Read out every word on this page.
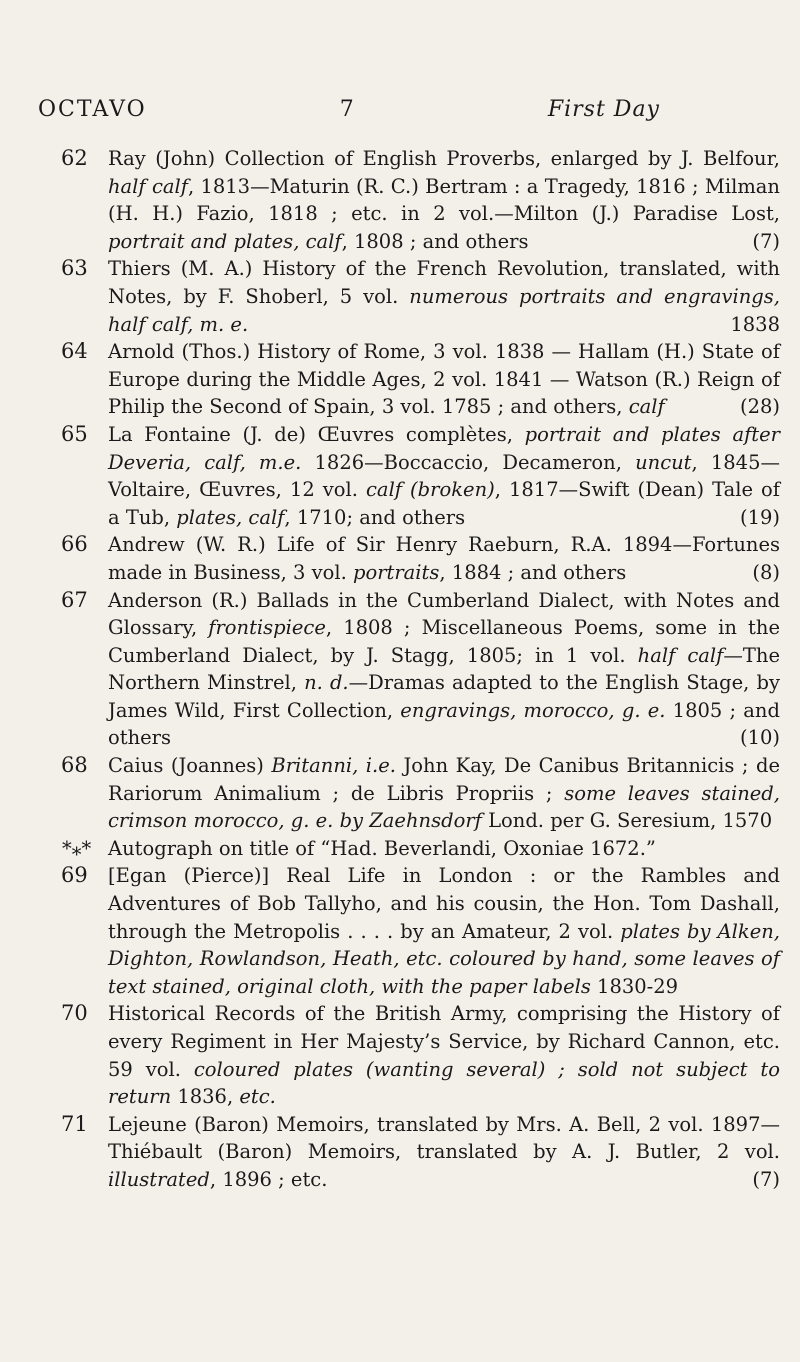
OCTAVO	7	First Day
62	Ray (John) Collection of English Proverbs, enlarged by J. Belfour, half calf, 1813—Maturin (R. C.) Bertram : a Tragedy, 1816 ; Milman (H. H.) Fazio, 1818 ; etc. in 2 vol.—Milton (J.) Paradise Lost, portrait and plates, calf, 1808 ; and others	(7)
63	Thiers (M. A.) History of the French Revolution, translated, with Notes, by F. Shoberl, 5 vol. numerous portraits and engravings, half calf, m. e.	1838
64	Arnold (Thos.) History of Rome, 3 vol. 1838 — Hallam (H.) State of Europe during the Middle Ages, 2 vol. 1841 — Watson (R.) Reign of Philip the Second of Spain, 3 vol. 1785 ; and others, calf	(28)
65	La Fontaine (J. de) Œuvres complètes, portrait and plates after Deveria, calf, m.e. 1826—Boccaccio, Decameron, uncut, 1845—Voltaire, Œuvres, 12 vol. calf (broken), 1817—Swift (Dean) Tale of a Tub, plates, calf, 1710; and others	(19)
66	Andrew (W. R.) Life of Sir Henry Raeburn, R.A. 1894—Fortunes made in Business, 3 vol. portraits, 1884 ; and others	(8)
67	Anderson (R.) Ballads in the Cumberland Dialect, with Notes and Glossary, frontispiece, 1808 ; Miscellaneous Poems, some in the Cumberland Dialect, by J. Stagg, 1805; in 1 vol. half calf—The Northern Minstrel, n. d.—Dramas adapted to the English Stage, by James Wild, First Collection, engravings, morocco, g. e. 1805 ; and others	(10)
68	Caius (Joannes) Britanni, i.e. John Kay, De Canibus Britannicis ; de Rariorum Animalium ; de Libris Propriis ; some leaves stained, crimson morocco, g. e. by Zaehnsdorf Lond. per G. Seresium, 1570
*⁎* Autograph on title of “Had. Beverlandi, Oxoniae 1672.”
69	[Egan (Pierce)] Real Life in London : or the Rambles and Adventures of Bob Tallyho, and his cousin, the Hon. Tom Dashall, through the Metropolis . . . . by an Amateur, 2 vol. plates by Alken, Dighton, Rowlandson, Heath, etc. coloured by hand, some leaves of text stained, original cloth, with the paper labels 1830-29
70	Historical Records of the British Army, comprising the History of every Regiment in Her Majesty’s Service, by Richard Cannon, etc. 59 vol. coloured plates (wanting several) ; sold not subject to return 1836, etc.
71	Lejeune (Baron) Memoirs, translated by Mrs. A. Bell, 2 vol. 1897—Thiébault (Baron) Memoirs, translated by A. J. Butler, 2 vol. illustrated, 1896 ; etc.	(7)
